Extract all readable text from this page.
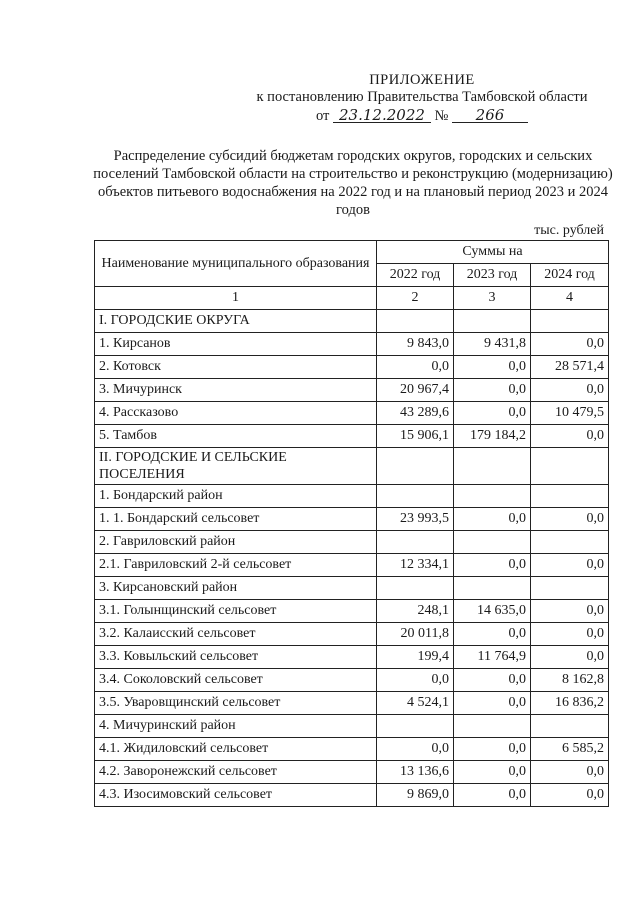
ПРИЛОЖЕНИЕ
к постановлению Правительства Тамбовской области
от 23.12.2022 № 266
Распределение субсидий бюджетам городских округов, городских и сельских поселений Тамбовской области на строительство и реконструкцию (модернизацию) объектов питьевого водоснабжения на 2022 год и на плановый период 2023 и 2024 годов
тыс. рублей
Наименование муниципального образования	Суммы на		
	2022 год	2023 год	2024 год
1	2	3	4
I. ГОРОДСКИЕ ОКРУГА			
1. Кирсанов	9 843,0	9 431,8	0,0
2. Котовск	0,0	0,0	28 571,4
3. Мичуринск	20 967,4	0,0	0,0
4. Рассказово	43 289,6	0,0	10 479,5
5. Тамбов	15 906,1	179 184,2	0,0
II. ГОРОДСКИЕ И СЕЛЬСКИЕ ПОСЕЛЕНИЯ			
1. Бондарский район			
1. 1. Бондарский сельсовет	23 993,5	0,0	0,0
2. Гавриловский район			
2.1. Гавриловский 2-й сельсовет	12 334,1	0,0	0,0
3. Кирсановский район			
3.1. Голынщинский сельсовет	248,1	14 635,0	0,0
3.2. Калаисский сельсовет	20 011,8	0,0	0,0
3.3. Ковыльский сельсовет	199,4	11 764,9	0,0
3.4. Соколовский сельсовет	0,0	0,0	8 162,8
3.5. Уваровщинский сельсовет	4 524,1	0,0	16 836,2
4. Мичуринский район			
4.1. Жидиловский сельсовет	0,0	0,0	6 585,2
4.2. Заворонежский сельсовет	13 136,6	0,0	0,0
4.3. Изосимовский сельсовет	9 869,0	0,0	0,0
